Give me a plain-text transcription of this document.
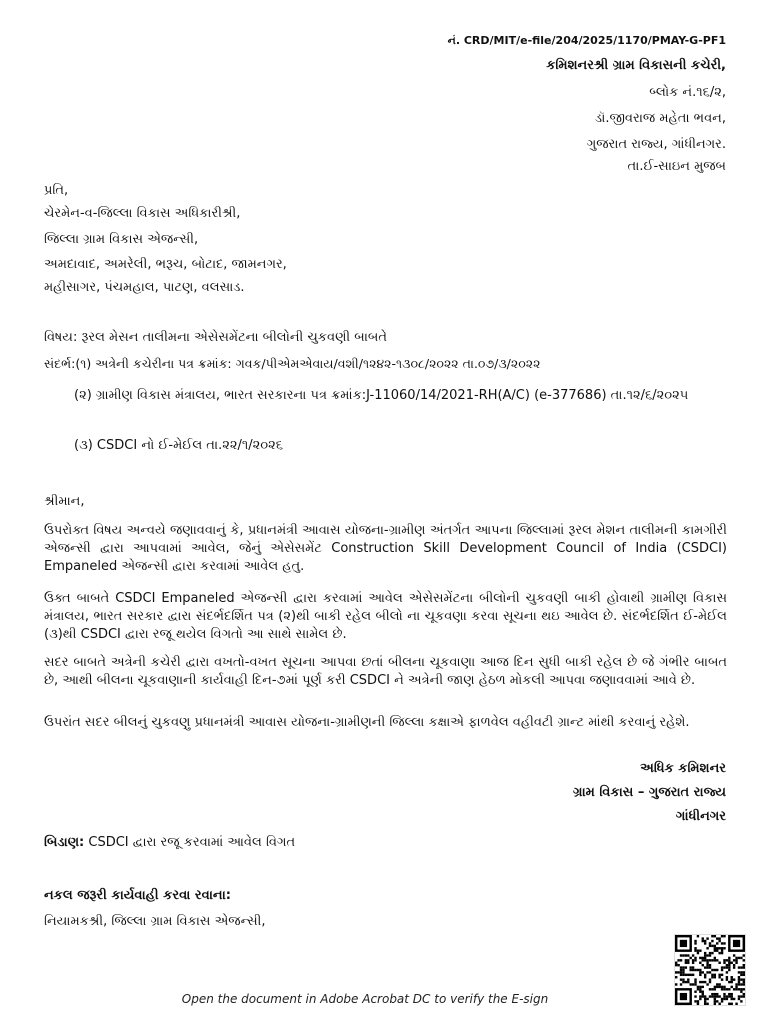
નં. CRD/MIT/e-file/204/2025/1170/PMAY-G-PF1
કમિશનરશ્રી ગ્રામ વિકાસની કચેરી,
બ્લોક નં.૧૬/૨,
ડૉ.જીવરાજ મહેતા ભવન,
ગુજરાત રાજ્ય, ગાંધીનગર.
તા.ઈ-સાઇન મુજબ
પ્રતિ,
ચેરમેન-વ-જિલ્લા વિકાસ અધિકારીશ્રી,
જિલ્લા ગ્રામ વિકાસ એજન્સી,
અમદાવાદ, અમરેલી, ભરૂચ, બોટાદ, જામનગર,
મહીસાગર, પંચમહાલ, પાટણ, વલસાડ.
વિષય: રૂરલ મેસન તાલીમના એસેસમેંટના બીલોની ચુકવણી બાબતે
સંદર્ભ:(૧) અત્રેની કચેરીના પત્ર ક્રમાંક: ગવક/પીએમએવાય/વશી/૧૨૪૨-૧૩૦૮/૨૦૨૨ તા.૦૭/૩/૨૦૨૨
(૨) ગ્રામીણ વિકાસ મંત્રાલય, ભારત સરકારના પત્ર ક્રમાંક:J-11060/14/2021-RH(A/C) (e-377686) તા.૧૨/૬/૨૦૨૫
(૩) CSDCI નો ઈ-મેઈલ તા.૨૨/૧/૨૦૨૬
શ્રીમાન,
ઉપરોક્ત વિષય અન્વયે જણાવવાનું કે, પ્રધાનમંત્રી આવાસ યોજના-ગ્રામીણ અંતર્ગત આપના જિલ્લામાં રૂરલ મેશન તાલીમની કામગીરી એજન્સી દ્વારા આપવામાં આવેલ, જેનું એસેસમેંટ Construction Skill Development Council of India (CSDCI) Empaneled એજન્સી દ્વારા કરવામાં આવેલ હતુ.
ઉક્ત બાબતે CSDCI Empaneled એજન્સી દ્વારા કરવામાં આવેલ એસેસમેંટના બીલોની ચુકવણી બાકી હોવાથી ગ્રામીણ વિકાસ મંત્રાલય, ભારત સરકાર દ્વારા સંદર્ભદર્શિત પત્ર (૨)થી બાકી રહેલ બીલો ના ચૂકવણા કરવા સૂચના થઇ આવેલ છે. સંદર્ભદર્શિત ઈ-મેઈલ (૩)થી CSDCI દ્વારા રજૂ થયેલ વિગતો આ સાથે સામેલ છે.
સદર બાબતે અત્રેની કચેરી દ્વારા વખતો-વખત સૂચના આપવા છતાં બીલના ચૂકવાણા આજ દિન સુધી બાકી રહેલ છે જે ગંભીર બાબત છે, આથી બીલના ચૂકવાણાની કાર્યવાહી દિન-૭માં પૂર્ણ કરી CSDCI ને અત્રેની જાણ હેઠળ મોકલી આપવા જણાવવામાં આવે છે.
ઉપરાંત સદર બીલનું ચુકવણુ પ્રધાનમંત્રી આવાસ યોજના-ગ્રામીણની જિલ્લા કક્ષાએ ફાળવેલ વહીવટી ગ્રાન્ટ માંથી કરવાનું રહેશે.
અધિક કમિશનર
ગ્રામ વિકાસ – ગુજરાત રાજ્ય
ગાંધીનગર
બિડાણ: CSDCI દ્વારા રજૂ કરવામાં આવેલ વિગત
નકલ જરૂરી કાર્યવાહી કરવા રવાના:
નિયામકશ્રી, જિલ્લા ગ્રામ વિકાસ એજન્સી,
Open the document in Adobe Acrobat DC to verify the E-sign
